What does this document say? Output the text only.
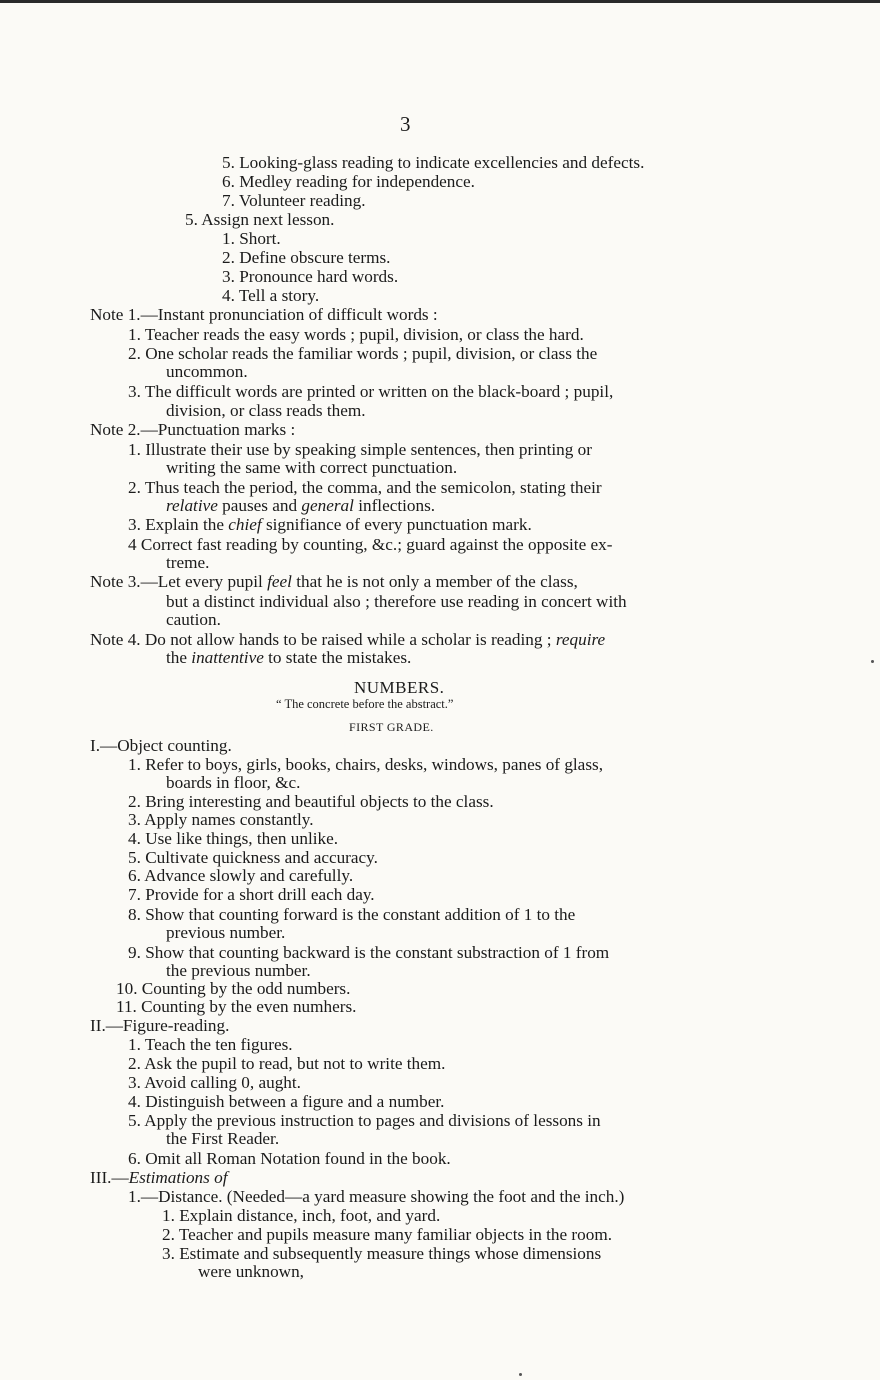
3
5. Looking-glass reading to indicate excellencies and defects.
6. Medley reading for independence.
7. Volunteer reading.
5. Assign next lesson.
1. Short.
2. Define obscure terms.
3. Pronounce hard words.
4. Tell a story.
Note 1.—Instant pronunciation of difficult words :
1. Teacher reads the easy words ; pupil, division, or class the hard.
2. One scholar reads the familiar words ; pupil, division, or class the
uncommon.
3. The difficult words are printed or written on the black-board ; pupil,
division, or class reads them.
Note 2.—Punctuation marks :
1. Illustrate their use by speaking simple sentences, then printing or
writing the same with correct punctuation.
2. Thus teach the period, the comma, and the semicolon, stating their
relative pauses and general inflections.
3. Explain the chief signifiance of every punctuation mark.
4 Correct fast reading by counting, &c.; guard against the opposite ex-
treme.
Note 3.—Let every pupil feel that he is not only a member of the class,
but a distinct individual also ; therefore use reading in concert with
caution.
Note 4. Do not allow hands to be raised while a scholar is reading ; require
the inattentive to state the mistakes.
NUMBERS.
“ The concrete before the abstract.”
FIRST GRADE.
I.—Object counting.
1. Refer to boys, girls, books, chairs, desks, windows, panes of glass,
boards in floor, &c.
2. Bring interesting and beautiful objects to the class.
3. Apply names constantly.
4. Use like things, then unlike.
5. Cultivate quickness and accuracy.
6. Advance slowly and carefully.
7. Provide for a short drill each day.
8. Show that counting forward is the constant addition of 1 to the
previous number.
9. Show that counting backward is the constant substraction of 1 from
the previous number.
10. Counting by the odd numbers.
11. Counting by the even numhers.
II.—Figure-reading.
1. Teach the ten figures.
2. Ask the pupil to read, but not to write them.
3. Avoid calling 0, aught.
4. Distinguish between a figure and a number.
5. Apply the previous instruction to pages and divisions of lessons in
the First Reader.
6. Omit all Roman Notation found in the book.
III.—Estimations of
1.—Distance. (Needed—a yard measure showing the foot and the inch.)
1. Explain distance, inch, foot, and yard.
2. Teacher and pupils measure many familiar objects in the room.
3. Estimate and subsequently measure things whose dimensions
were unknown,
